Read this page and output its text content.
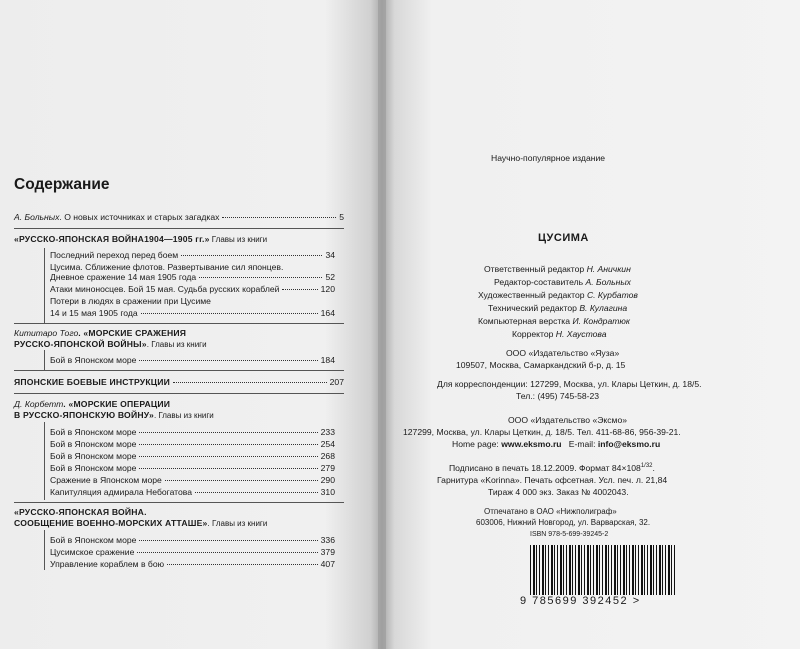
Содержание
А. Больных. О новых источниках и старых загадках	5
«РУССКО-ЯПОНСКАЯ ВОЙНА1904—1905 гг.» Главы из книги
Последний переход перед боем	34
Цусима. Сближение флотов. Развертывание сил японцев.
Дневное сражение 14 мая 1905 года	52
Атаки миноносцев. Бой 15 мая. Судьба русских кораблей	120
Потери в людях в сражении при Цусиме
14 и 15 мая 1905 года	164
Кититаро Того. «МОРСКИЕ СРАЖЕНИЯ
РУССКО-ЯПОНСКОЙ ВОЙНЫ». Главы из книги
Бой в Японском море	184
ЯПОНСКИЕ БОЕВЫЕ ИНСТРУКЦИИ	207
Д. Корбетт. «МОРСКИЕ ОПЕРАЦИИ
В РУССКО-ЯПОНСКУЮ ВОЙНУ». Главы из книги
Бой в Японском море	233
Бой в Японском море	254
Бой в Японском море	268
Бой в Японском море	279
Сражение в Японском море	290
Капитуляция адмирала Небогатова	310
«РУССКО-ЯПОНСКАЯ ВОЙНА.
СООБЩЕНИЕ ВОЕННО-МОРСКИХ АТТАШЕ». Главы из книги
Бой в Японском море	336
Цусимское сражение	379
Управление кораблем в бою	407
Научно-популярное издание
ЦУСИМА
Ответственный редактор Н. Аничкин
Редактор-составитель А. Больных
Художественный редактор С. Курбатов
Технический редактор В. Кулагина
Компьютерная верстка И. Кондратюк
Корректор Н. Хаустова
ООО «Издательство «Яуза»
109507, Москва, Самаркандский б-р, д. 15
Для корреспонденции: 127299, Москва, ул. Клары Цеткин, д. 18/5.
Тел.: (495) 745-58-23
ООО «Издательство «Эксмо»
127299, Москва, ул. Клары Цеткин, д. 18/5. Тел. 411-68-86, 956-39-21.
Home page: www.eksmo.ru   E-mail: info@eksmo.ru
Подписано в печать 18.12.2009. Формат $84\times 108^{1/32}$.
Гарнитура «Korinna». Печать офсетная. Усл. печ. л. 21,84
Тираж 4 000 экз. Заказ № 4002043.
Отпечатано в ОАО «Нижполиграф»
603006, Нижний Новгород, ул. Варварская, 32.
ISBN 978-5-699-39245-2
9 785699 392452 >
